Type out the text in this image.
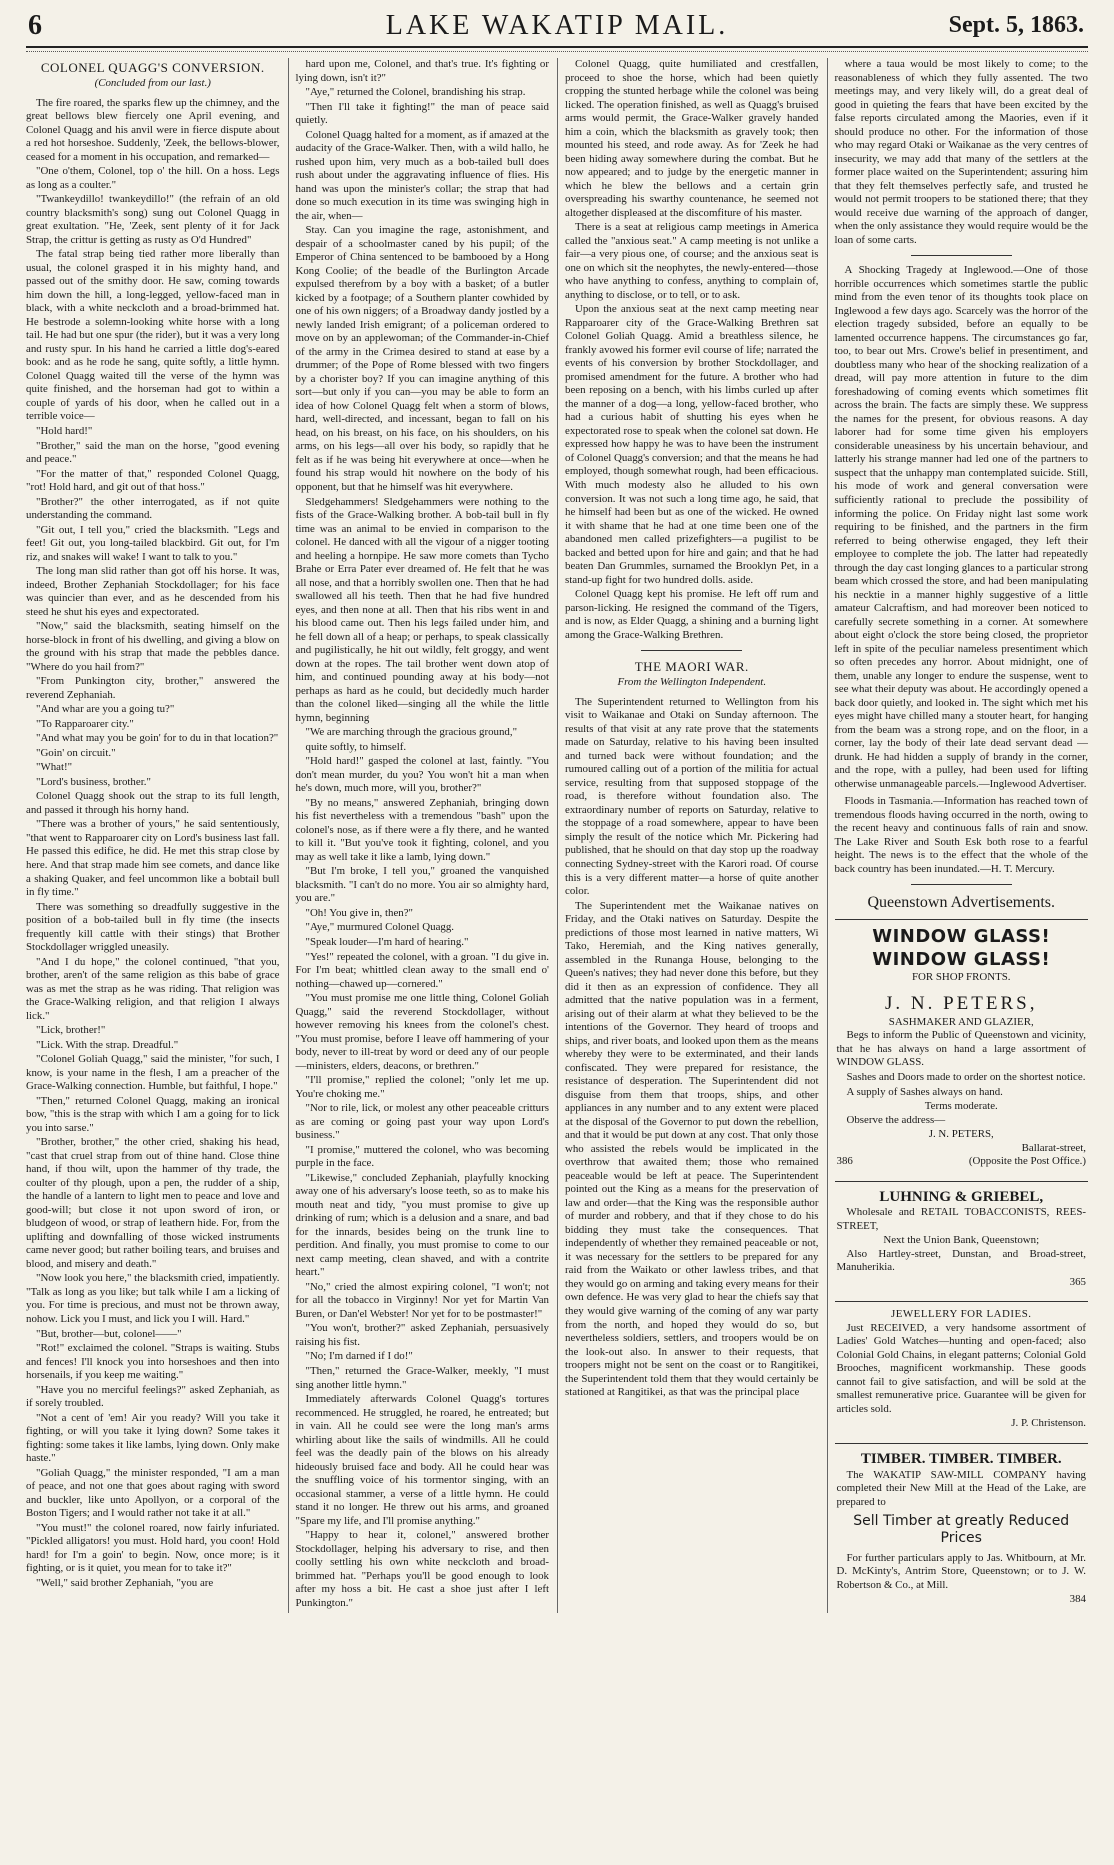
6	LAKE WAKATIP MAIL.	Sept. 5, 1863.
COLONEL QUAGG'S CONVERSION.
(Concluded from our last.)

The fire roared, the sparks flew up the chimney, and the great bellows blew fiercely one April evening, and Colonel Quagg and his anvil were in fierce dispute about a red hot horseshoe. Suddenly, 'Zeek, the bellows-blower, ceased for a moment in his occupation, and remarked—

"One o'them, Colonel, top o' the hill. On a hoss. Legs as long as a coulter."

"Twankeydillo! twankeydillo!" (the refrain of an old country blacksmith's song) sung out Colonel Quagg in great exultation. "He, 'Zeek, sent plenty of it for Jack Strap, the crittur is getting as rusty as O'd Hundred"

The fatal strap being tied rather more liberally than usual, the colonel grasped it in his mighty hand, and passed out of the smithy door. He saw, coming towards him down the hill, a long-legged, yellow-faced man in black, with a white neckcloth and a broad-brimmed hat. He bestrode a solemn-looking white horse with a long tail. He had but one spur (the rider), but it was a very long and rusty spur. In his hand he carried a little dog's-eared book: and as he rode he sang, quite softly, a little hymn. Colonel Quagg waited till the verse of the hymn was quite finished, and the horseman had got to within a couple of yards of his door, when he called out in a terrible voice—

"Hold hard!"

"Brother," said the man on the horse, "good evening and peace."

"For the matter of that," responded Colonel Quagg, "rot! Hold hard, and git out of that hoss."

"Brother?" the other interrogated, as if not quite understanding the command.

"Git out, I tell you," cried the blacksmith. "Legs and feet! Git out, you long-tailed blackbird. Git out, for I'm riz, and snakes will wake! I want to talk to you."

The long man slid rather than got off his horse. It was, indeed, Brother Zephaniah Stockdollager; for his face was quincier than ever, and as he descended from his steed he shut his eyes and expectorated.

"Now," said the blacksmith, seating himself on the horse-block in front of his dwelling, and giving a blow on the ground with his strap that made the pebbles dance. "Where do you hail from?"

"From Punkington city, brother," answered the reverend Zephaniah.

"And whar are you a going tu?"

"To Rapparoarer city."

"And what may you be goin' for to du in that location?"

"Goin' on circuit."

"What!"

"Lord's business, brother."

Colonel Quagg shook out the strap to its full length, and passed it through his horny hand.

"There was a brother of yours," he said sententiously, "that went to Rapparoarer city on Lord's business last fall. He passed this edifice, he did. He met this strap close by here. And that strap made him see comets, and dance like a shaking Quaker, and feel uncommon like a bobtail bull in fly time."

There was something so dreadfully suggestive in the position of a bob-tailed bull in fly time (the insects frequently kill cattle with their stings) that Brother Stockdollager wriggled uneasily.

"And I du hope," the colonel continued, "that you, brother, aren't of the same religion as this babe of grace was as met the strap as he was riding. That religion was the Grace-Walking religion, and that religion I always lick."

"Lick, brother!"

"Lick. With the strap. Dreadful."

"Colonel Goliah Quagg," said the minister, "for such, I know, is your name in the flesh, I am a preacher of the Grace-Walking connection. Humble, but faithful, I hope."

"Then," returned Colonel Quagg, making an ironical bow, "this is the strap with which I am a going for to lick you into sarse."

"Brother, brother," the other cried, shaking his head, "cast that cruel strap from out of thine hand. Close thine hand, if thou wilt, upon the hammer of thy trade, the coulter of thy plough, upon a pen, the rudder of a ship, the handle of a lantern to light men to peace and love and good-will; but close it not upon sword of iron, or bludgeon of wood, or strap of leathern hide. For, from the uplifting and downfalling of those wicked instruments came never good; but rather boiling tears, and bruises and blood, and misery and death."

"Now look you here," the blacksmith cried, impatiently. "Talk as long as you like; but talk while I am a licking of you. For time is precious, and must not be thrown away, nohow. Lick you I must, and lick you I will. Hard."

"But, brother—but, colonel——"

"Rot!" exclaimed the colonel. "Straps is waiting. Stubs and fences! I'll knock you into horseshoes and then into horsenails, if you keep me waiting."

"Have you no merciful feelings?" asked Zephaniah, as if sorely troubled.

"Not a cent of 'em! Air you ready? Will you take it fighting, or will you take it lying down? Some takes it fighting: some takes it like lambs, lying down. Only make haste."

"Goliah Quagg," the minister responded, "I am a man of peace, and not one that goes about raging with sword and buckler, like unto Apollyon, or a corporal of the Boston Tigers; and I would rather not take it at all."

"You must!" the colonel roared, now fairly infuriated. "Pickled alligators! you must. Hold hard, you coon! Hold hard! for I'm a goin' to begin. Now, once more; is it fighting, or is it quiet, you mean for to take it?"

"Well," said brother Zephaniah, "you are

hard upon me, Colonel, and that's true. It's fighting or lying down, isn't it?"

"Aye," returned the Colonel, brandishing his strap.

"Then I'll take it fighting!" the man of peace said quietly.

Colonel Quagg halted for a moment, as if amazed at the audacity of the Grace-Walker. Then, with a wild hallo, he rushed upon him, very much as a bob-tailed bull does rush about under the aggravating influence of flies. His hand was upon the minister's collar; the strap that had done so much execution in its time was swinging high in the air, when—

Stay. Can you imagine the rage, astonishment, and despair of a schoolmaster caned by his pupil; of the Emperor of China sentenced to be bambooed by a Hong Kong Coolie; of the beadle of the Burlington Arcade expulsed therefrom by a boy with a basket; of a butler kicked by a footpage; of a Southern planter cowhided by one of his own niggers; of a Broadway dandy jostled by a newly landed Irish emigrant; of a policeman ordered to move on by an applewoman; of the Commander-in-Chief of the army in the Crimea desired to stand at ease by a drummer; of the Pope of Rome blessed with two fingers by a chorister boy? If you can imagine anything of this sort—but only if you can—you may be able to form an idea of how Colonel Quagg felt when a storm of blows, hard, well-directed, and incessant, began to fall on his head, on his breast, on his face, on his shoulders, on his arms, on his legs—all over his body, so rapidly that he felt as if he was being hit everywhere at once—when he found his strap would hit nowhere on the body of his opponent, but that he himself was hit everywhere.

Sledgehammers! Sledgehammers were nothing to the fists of the Grace-Walking brother. A bob-tail bull in fly time was an animal to be envied in comparison to the colonel. He danced with all the vigour of a nigger tooting and heeling a hornpipe. He saw more comets than Tycho Brahe or Erra Pater ever dreamed of. He felt that he was all nose, and that a horribly swollen one. Then that he had swallowed all his teeth. Then that he had five hundred eyes, and then none at all. Then that his ribs went in and his blood came out. Then his legs failed under him, and he fell down all of a heap; or perhaps, to speak classically and pugilistically, he hit out wildly, felt groggy, and went down at the ropes. The tail brother went down atop of him, and continued pounding away at his body—not perhaps as hard as he could, but decidedly much harder than the colonel liked—singing all the while the little hymn, beginning

"We are marching through the gracious ground,"

quite softly, to himself.

"Hold hard!" gasped the colonel at last, faintly. "You don't mean murder, du you? You won't hit a man when he's down, much more, will you, brother?"

"By no means," answered Zephaniah, bringing down his fist nevertheless with a tremendous "bash" upon the colonel's nose, as if there were a fly there, and he wanted to kill it. "But you've took it fighting, colonel, and you may as well take it like a lamb, lying down."

"But I'm broke, I tell you," groaned the vanquished blacksmith. "I can't do no more. You air so almighty hard, you are."

"Oh! You give in, then?"

"Aye," murmured Colonel Quagg.

"Speak louder—I'm hard of hearing."

"Yes!" repeated the colonel, with a groan. "I du give in. For I'm beat; whittled clean away to the small end o' nothing—chawed up—cornered."

"You must promise me one little thing, Colonel Goliah Quagg," said the reverend Stockdollager, without however removing his knees from the colonel's chest. "You must promise, before I leave off hammering of your body, never to ill-treat by word or deed any of our people—ministers, elders, deacons, or brethren."

"I'll promise," replied the colonel; "only let me up. You're choking me."

"Nor to rile, lick, or molest any other peaceable critturs as are coming or going past your way upon Lord's business."

"I promise," muttered the colonel, who was becoming purple in the face.

"Likewise," concluded Zephaniah, playfully knocking away one of his adversary's loose teeth, so as to make his mouth neat and tidy, "you must promise to give up drinking of rum; which is a delusion and a snare, and bad for the innards, besides being on the trunk line to perdition. And finally, you must promise to come to our next camp meeting, clean shaved, and with a contrite heart."

"No," cried the almost expiring colonel, "I won't; not for all the tobacco in Virginny! Nor yet for Martin Van Buren, or Dan'el Webster! Nor yet for to be postmaster!"

"You won't, brother?" asked Zephaniah, persuasively raising his fist.

"No; I'm darned if I do!"

"Then," returned the Grace-Walker, meekly, "I must sing another little hymn."

Immediately afterwards Colonel Quagg's tortures recommenced. He struggled, he roared, he entreated; but in vain. All he could see were the long man's arms whirling about like the sails of windmills. All he could feel was the deadly pain of the blows on his already hideously bruised face and body. All he could hear was the snuffling voice of his tormentor singing, with an occasional stammer, a verse of a little hymn. He could stand it no longer. He threw out his arms, and groaned "Spare my life, and I'll promise anything."

"Happy to hear it, colonel," answered brother Stockdollager, helping his adversary to rise, and then coolly settling his own white neckcloth and broad-brimmed hat. "Perhaps you'll be good enough to look after my hoss a bit. He cast a shoe just after I left Punkington."

Colonel Quagg, quite humiliated and crestfallen, proceed to shoe the horse, which had been quietly cropping the stunted herbage while the colonel was being licked. The operation finished, as well as Quagg's bruised arms would permit, the Grace-Walker gravely handed him a coin, which the blacksmith as gravely took; then mounted his steed, and rode away. As for 'Zeek he had been hiding away somewhere during the combat. But he now appeared; and to judge by the energetic manner in which he blew the bellows and a certain grin overspreading his swarthy countenance, he seemed not altogether displeased at the discomfiture of his master.

There is a seat at religious camp meetings in America called the "anxious seat." A camp meeting is not unlike a fair—a very pious one, of course; and the anxious seat is one on which sit the neophytes, the newly-entered—those who have anything to confess, anything to complain of, anything to disclose, or to tell, or to ask.

Upon the anxious seat at the next camp meeting near Rapparoarer city of the Grace-Walking Brethren sat Colonel Goliah Quagg. Amid a breathless silence, he frankly avowed his former evil course of life; narrated the events of his conversion by brother Stockdollager, and promised amendment for the future. A brother who had been reposing on a bench, with his limbs curled up after the manner of a dog—a long, yellow-faced brother, who had a curious habit of shutting his eyes when he expectorated rose to speak when the colonel sat down. He expressed how happy he was to have been the instrument of Colonel Quagg's conversion; and that the means he had employed, though somewhat rough, had been efficacious. With much modesty also he alluded to his own conversion. It was not such a long time ago, he said, that he himself had been but as one of the wicked. He owned it with shame that he had at one time been one of the abandoned men called prizefighters—a pugilist to be backed and betted upon for hire and gain; and that he had beaten Dan Grummles, surnamed the Brooklyn Pet, in a stand-up fight for two hundred dolls. aside.

Colonel Quagg kept his promise. He left off rum and parson-licking. He resigned the command of the Tigers, and is now, as Elder Quagg, a shining and a burning light among the Grace-Walking Brethren.

THE MAORI WAR.
From the Wellington Independent.

The Superintendent returned to Wellington from his visit to Waikanae and Otaki on Sunday afternoon. The results of that visit at any rate prove that the statements made on Saturday, relative to his having been insulted and turned back were without foundation; and the rumoured calling out of a portion of the militia for actual service, resulting from that supposed stoppage of the road, is therefore without foundation also. The extraordinary number of reports on Saturday, relative to the stoppage of a road somewhere, appear to have been simply the result of the notice which Mr. Pickering had published, that he should on that day stop up the roadway connecting Sydney-street with the Karori road. Of course this is a very different matter—a horse of quite another color.

The Superintendent met the Waikanae natives on Friday, and the Otaki natives on Saturday. Despite the predictions of those most learned in native matters, Wi Tako, Heremiah, and the King natives generally, assembled in the Runanga House, belonging to the Queen's natives; they had never done this before, but they did it then as an expression of confidence. They all admitted that the native population was in a ferment, arising out of their alarm at what they believed to be the intentions of the Governor. They heard of troops and ships, and river boats, and looked upon them as the means whereby they were to be exterminated, and their lands confiscated. They were prepared for resistance, the resistance of desperation. The Superintendent did not disguise from them that troops, ships, and other appliances in any number and to any extent were placed at the disposal of the Governor to put down the rebellion, and that it would be put down at any cost. That only those who assisted the rebels would be implicated in the overthrow that awaited them; those who remained peaceable would be left at peace. The Superintendent pointed out the King as a means for the preservation of law and order—that the King was the responsible author of murder and robbery, and that if they chose to do his bidding they must take the consequences. That independently of whether they remained peaceable or not, it was necessary for the settlers to be prepared for any raid from the Waikato or other lawless tribes, and that they would go on arming and taking every means for their own defence. He was very glad to hear the chiefs say that they would give warning of the coming of any war party from the north, and hoped they would do so, but nevertheless soldiers, settlers, and troopers would be on the look-out also. In answer to their requests, that troopers might not be sent on the coast or to Rangitikei, the Superintendent told them that they would certainly be stationed at Rangitikei, as that was the principal place

where a taua would be most likely to come; to the reasonableness of which they fully assented. The two meetings may, and very likely will, do a great deal of good in quieting the fears that have been excited by the false reports circulated among the Maories, even if it should produce no other. For the information of those who may regard Otaki or Waikanae as the very centres of insecurity, we may add that many of the settlers at the former place waited on the Superintendent; assuring him that they felt themselves perfectly safe, and trusted he would not permit troopers to be stationed there; that they would receive due warning of the approach of danger, when the only assistance they would require would be the loan of some carts.

A Shocking Tragedy at Inglewood.—One of those horrible occurrences which sometimes startle the public mind from the even tenor of its thoughts took place on Inglewood a few days ago. Scarcely was the horror of the election tragedy subsided, before an equally to be lamented occurrence happens. The circumstances go far, too, to bear out Mrs. Crowe's belief in presentiment, and doubtless many who hear of the shocking realization of a dread, will pay more attention in future to the dim foreshadowing of coming events which sometimes flit across the brain. The facts are simply these. We suppress the names for the present, for obvious reasons. A day laborer had for some time given his employers considerable uneasiness by his uncertain behaviour, and latterly his strange manner had led one of the partners to suspect that the unhappy man contemplated suicide. Still, his mode of work and general conversation were sufficiently rational to preclude the possibility of informing the police. On Friday night last some work requiring to be finished, and the partners in the firm referred to being otherwise engaged, they left their employee to complete the job. The latter had repeatedly through the day cast longing glances to a particular strong beam which crossed the store, and had been manipulating his necktie in a manner highly suggestive of a little amateur Calcraftism, and had moreover been noticed to carefully secrete something in a corner. At somewhere about eight o'clock the store being closed, the proprietor left in spite of the peculiar nameless presentiment which so often precedes any horror. About midnight, one of them, unable any longer to endure the suspense, went to see what their deputy was about. He accordingly opened a back door quietly, and looked in. The sight which met his eyes might have chilled many a stouter heart, for hanging from the beam was a strong rope, and on the floor, in a corner, lay the body of their late dead servant dead —drunk. He had hidden a supply of brandy in the corner, and the rope, with a pulley, had been used for lifting otherwise unmanageable parcels.—Inglewood Advertiser.

Floods in Tasmania.—Information has reached town of tremendous floods having occurred in the north, owing to the recent heavy and continuous falls of rain and snow. The Lake River and South Esk both rose to a fearful height. The news is to the effect that the whole of the back country has been inundated.—H. T. Mercury.

Queenstown Advertisements.
WINDOW GLASS! WINDOW GLASS!
FOR SHOP FRONTS.
J. N. PETERS,
SASHMAKER AND GLAZIER,

Begs to inform the Public of Queenstown and vicinity, that he has always on hand a large assortment of WINDOW GLASS.

Sashes and Doors made to order on the shortest notice.

A supply of Sashes always on hand.

Terms moderate.

Observe the address—

J. N. PETERS,
Ballarat-street,
386	(Opposite the Post Office.)
LUHNING & GRIEBEL,

Wholesale and RETAIL TOBACCONISTS, REES-STREET,

Next the Union Bank, Queenstown;

Also Hartley-street, Dunstan, and Broad-street, Manuherikia.

365
JEWELLERY FOR LADIES.

Just RECEIVED, a very handsome assortment of Ladies' Gold Watches—hunting and open-faced; also Colonial Gold Chains, in elegant patterns; Colonial Gold Brooches, magnificent workmanship. These goods cannot fail to give satisfaction, and will be sold at the smallest remunerative price. Guarantee will be given for articles sold.

J. P. Christenson.
TIMBER. TIMBER. TIMBER.

The WAKATIP SAW-MILL COMPANY having completed their New Mill at the Head of the Lake, are prepared to

Sell Timber at greatly Reduced Prices

For further particulars apply to Jas. Whitbourn, at Mr. D. McKinty's, Antrim Store, Queenstown; or to J. W. Robertson & Co., at Mill.

384
